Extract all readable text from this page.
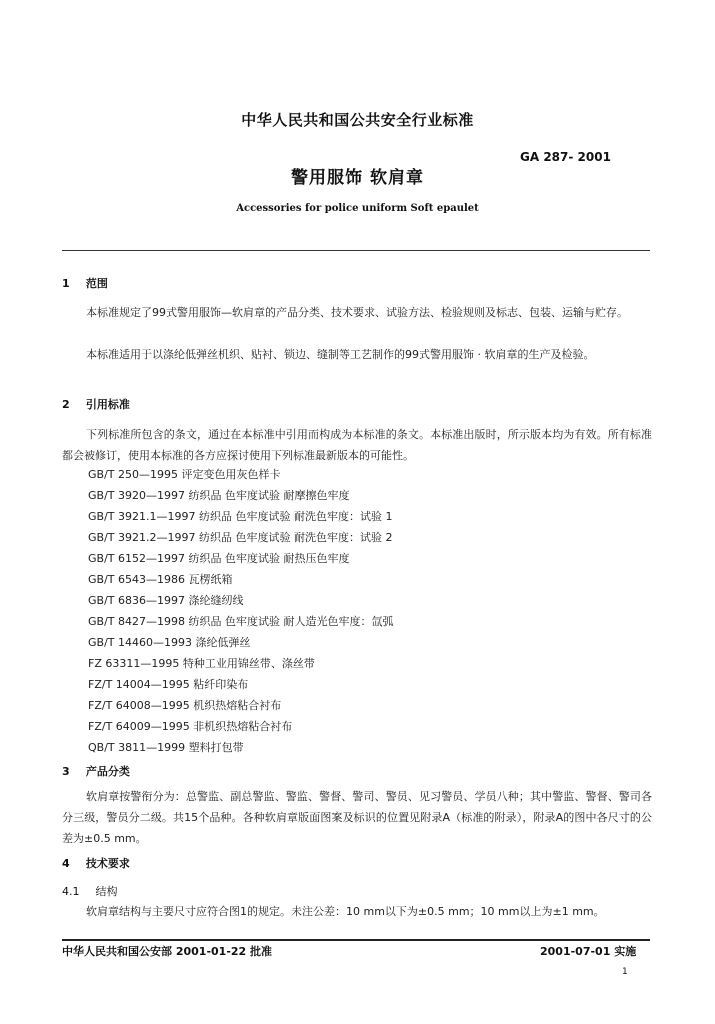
中华人民共和国公共安全行业标准
GA 287- 2001
警用服饰 软肩章
Accessories for police uniform Soft epaulet
1 范围
本标准规定了99式警用服饰—软肩章的产品分类、技术要求、试验方法、检验规则及标志、包装、运输与贮存。
本标准适用于以涤纶低弹丝机织、贴衬、锁边、缝制等工艺制作的99式警用服饰 · 软肩章的生产及检验。
2 引用标准
下列标准所包含的条文，通过在本标准中引用而构成为本标准的条文。本标准出版时，所示版本均为有效。所有标准都会被修订，使用本标准的各方应探讨使用下列标准最新版本的可能性。
GB/T 250—1995 评定变色用灰色样卡
GB/T 3920—1997 纺织品 色牢度试验 耐摩擦色牢度
GB/T 3921.1—1997 纺织品 色牢度试验 耐洗色牢度：试验 1
GB/T 3921.2—1997 纺织品 色牢度试验 耐洗色牢度：试验 2
GB/T 6152—1997 纺织品 色牢度试验 耐热压色牢度
GB/T 6543—1986 瓦楞纸箱
GB/T 6836—1997 涤纶缝纫线
GB/T 8427—1998 纺织品 色牢度试验 耐人造光色牢度：氙弧
GB/T 14460—1993 涤纶低弹丝
FZ 63311—1995 特种工业用锦丝带、涤丝带
FZ/T 14004—1995 粘纤印染布
FZ/T 64008—1995 机织热熔粘合衬布
FZ/T 64009—1995 非机织热熔粘合衬布
QB/T 3811—1999 塑料打包带
3 产品分类
软肩章按警衔分为：总警监、副总警监、警监、警督、警司、警员、见习警员、学员八种；其中警监、警督、警司各分三级，警员分二级。共15个品种。各种软肩章版面图案及标识的位置见附录A（标准的附录），附录A的图中各尺寸的公差为±0.5 mm。
4 技术要求
4.1 结构
软肩章结构与主要尺寸应符合图1的规定。未注公差：10 mm以下为±0.5 mm；10 mm以上为±1 mm。
中华人民共和国公安部 2001-01-22 批准	2001-07-01 实施
1
